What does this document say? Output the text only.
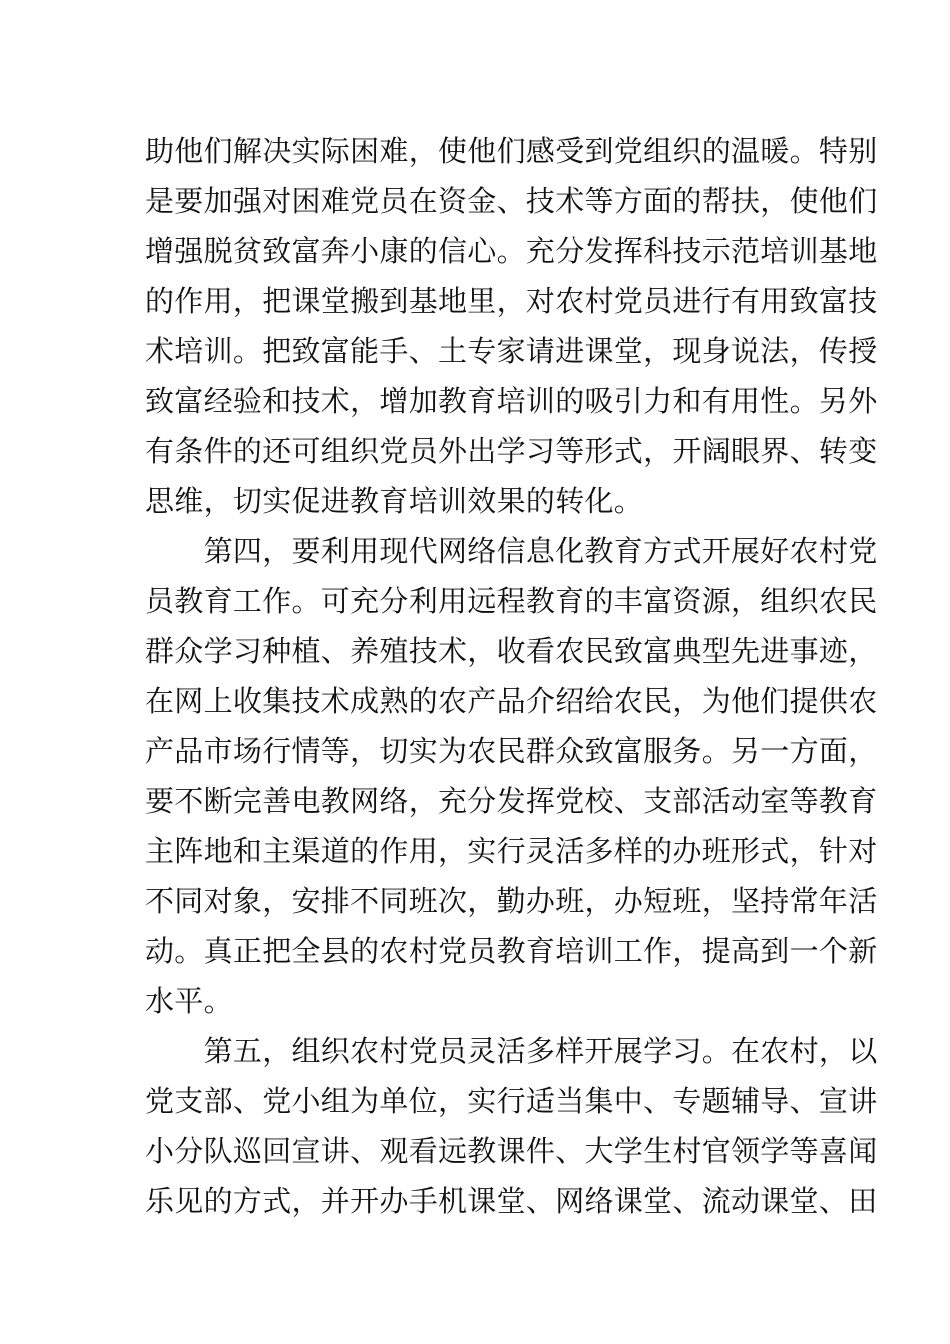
助他们解决实际困难，使他们感受到党组织的温暖。特别
是要加强对困难党员在资金、技术等方面的帮扶，使他们
增强脱贫致富奔小康的信心。充分发挥科技示范培训基地
的作用，把课堂搬到基地里，对农村党员进行有用致富技
术培训。把致富能手、土专家请进课堂，现身说法，传授
致富经验和技术，增加教育培训的吸引力和有用性。另外
有条件的还可组织党员外出学习等形式，开阔眼界、转变
思维，切实促进教育培训效果的转化。
　　第四，要利用现代网络信息化教育方式开展好农村党
员教育工作。可充分利用远程教育的丰富资源，组织农民
群众学习种植、养殖技术，收看农民致富典型先进事迹，
在网上收集技术成熟的农产品介绍给农民，为他们提供农
产品市场行情等，切实为农民群众致富服务。另一方面，
要不断完善电教网络，充分发挥党校、支部活动室等教育
主阵地和主渠道的作用，实行灵活多样的办班形式，针对
不同对象，安排不同班次，勤办班，办短班，坚持常年活
动。真正把全县的农村党员教育培训工作，提高到一个新
水平。
　　第五，组织农村党员灵活多样开展学习。在农村，以
党支部、党小组为单位，实行适当集中、专题辅导、宣讲
小分队巡回宣讲、观看远教课件、大学生村官领学等喜闻
乐见的方式，并开办手机课堂、网络课堂、流动课堂、田
